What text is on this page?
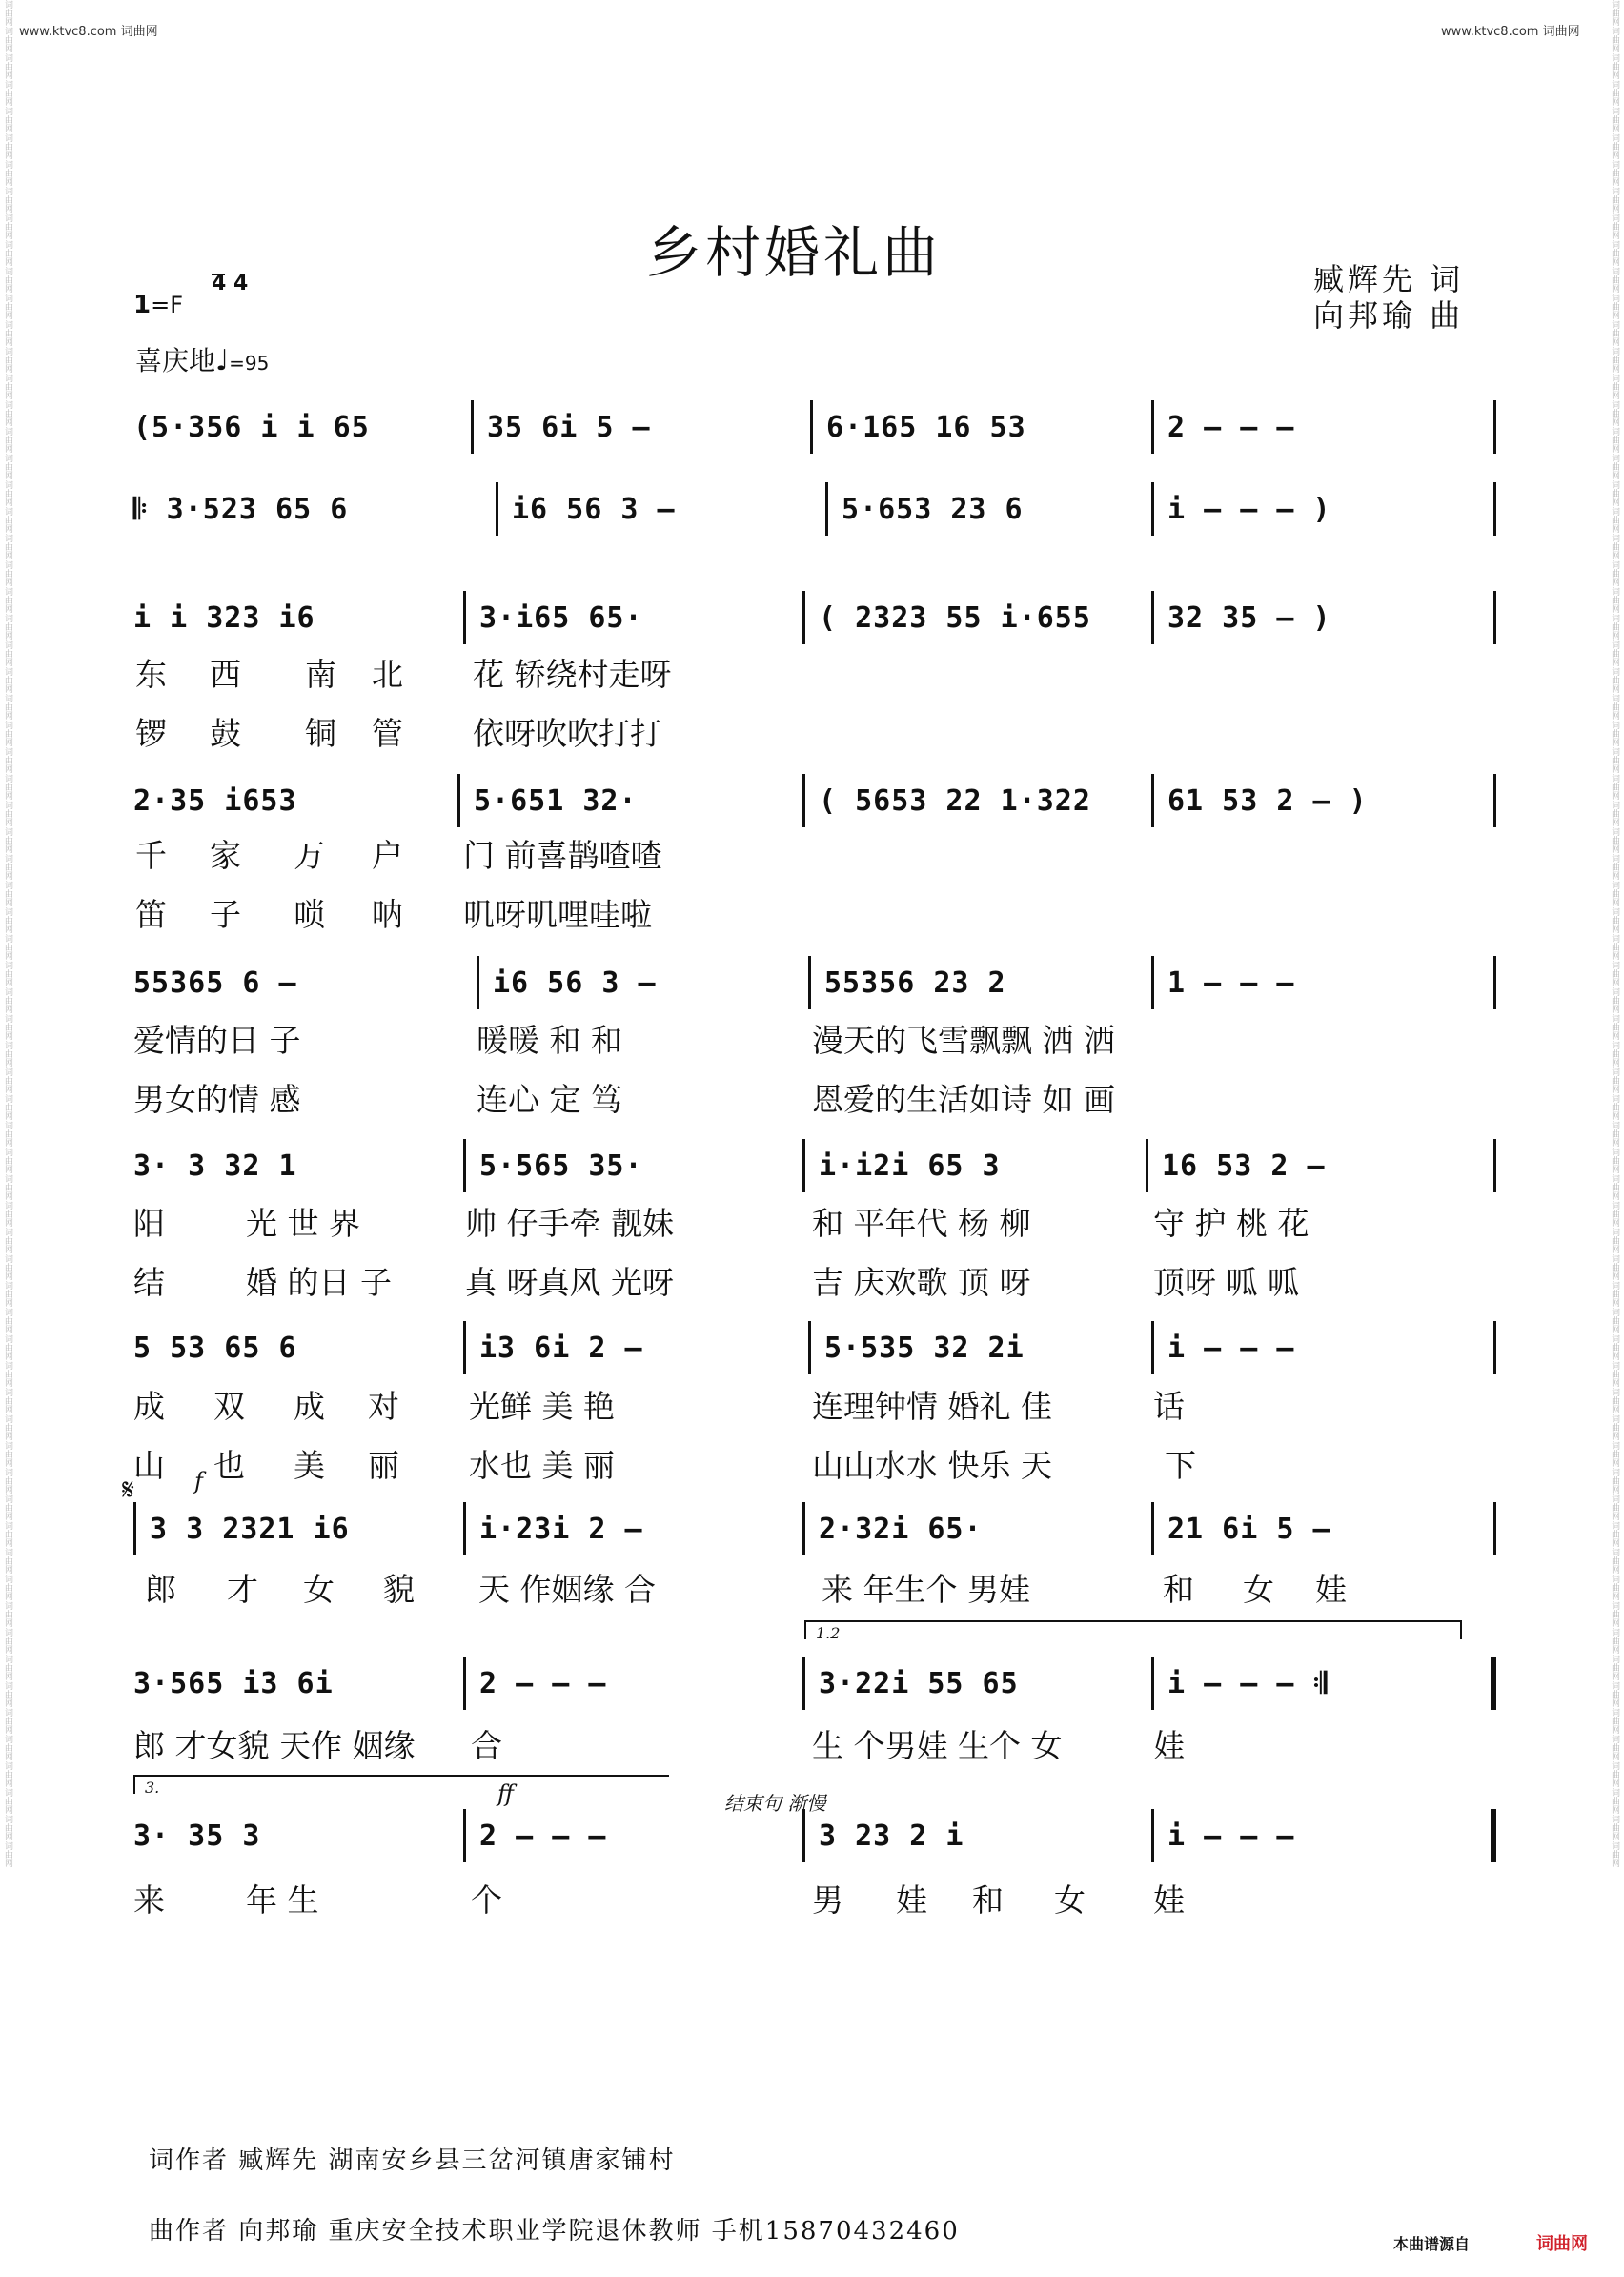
www.ktvc8.com 词曲网	www.ktvc8.com 词曲网
词曲网
词曲网
词曲网
词曲网
词曲网
词曲网
词曲网
词曲网
词曲网
词曲网
词曲网
词曲网
词曲网
词曲网
词曲网
词曲网
词曲网
词曲网
词曲网
词曲网
词曲网
词曲网
词曲网
词曲网
词曲网
词曲网
词曲网
词曲网
词曲网
词曲网
词曲网
词曲网
词曲网
词曲网
词曲网
词曲网
词曲网
词曲网
词曲网
词曲网
词曲网
词曲网
词曲网
词曲网
词曲网
词曲网
词曲网
词曲网
词曲网
词曲网
词曲网
词曲网
词曲网
词曲网
词曲网
词曲网
词曲网
词曲网
词曲网
词曲网
词曲网
词曲网
词曲网
词曲网
词曲网
词曲网
词曲网
词曲网
词曲网
词曲网
词曲网
词曲网
词曲网
词曲网
词曲网
词曲网
词曲网
词曲网
词曲网
词曲网
词曲网
词曲网
词曲网
词曲网
词曲网
词曲网
词曲网
词曲网
词曲网
词曲网
词曲网
词曲网
词曲网
词曲网
词曲网
词曲网
词曲网
词曲网
词曲网
词曲网
词曲网
词曲网
词曲网
词曲网
词曲网
词曲网
词曲网
词曲网
词曲网
词曲网
词曲网
词曲网
词曲网
词曲网
词曲网
词曲网
词曲网
词曲网
词曲网
词曲网
词曲网
词曲网
词曲网
词曲网
词曲网
词曲网
词曲网
词曲网
词曲网
词曲网
词曲网
词曲网
词曲网
词曲网
词曲网
词曲网
词曲网
词曲网
词曲网
词曲网
乡村婚礼曲	臧辉先 词
向邦瑜 曲
1=F
4 4
喜庆地♩=95
(5·356 i i 65	35 6i 5 –	6·165 16 53	2 – – –
𝄆 3·523 65 6	i6 56 3 –	5·653 23 6	i – – – )
i i 323 i6	3·i65 65·	( 2323 55 i·655	32 35 – )
东 西 南 北 花 轿绕村走呀
锣 鼓 铜 管 依呀吹吹打打
2·35 i653	5·651 32·	( 5653 22 1·322	61 53 2 – )
千 家 万 户 门 前喜鹊喳喳
笛 子 唢 呐 叽呀叽哩哇啦
55365 6 –	i6 56 3 –	55356 23 2	1 – – –
爱情的日 子	暖暖 和 和	漫天的飞雪飘飘 洒 洒
男女的情 感	连心 定 笃	恩爱的生活如诗 如 画
3· 3 32 1	5·565 35·	i·i2i 65 3	16 53 2 –
阳	光 世 界	帅 仔手牵 靓妹	和 平年代 杨 柳	守 护 桃 花
结	婚 的日 子 真 呀真风 光呀	吉 庆欢歌 顶 呀	顶呀 呱 呱
5 53 65 6	i3 6i 2 –	5·535 32 2i	i – – –
成 双 成 对 光鲜 美 艳	连理钟情 婚礼 佳	话
山 也 美 丽 水也 美 丽	山山水水 快乐 天	下
𝄋	f
3 3 2321 i6	i·23i 2 –	2·32i 65·	21 6i 5 –
郎 才 女 貌 天 作姻缘 合	来 年生个 男娃	和 女 娃
1.2
3·565 i3 6i	2 – – –	3·22i 55 65	i – – – 𝄇
郎 才女貌 天作 姻缘 合	生 个男娃 生个 女	娃
3.	ff	结束句 渐慢
3· 35 3	2 – – –	3 23 2 i	i – – –
来	年 生	个	男 娃 和 女 娃
词作者 臧辉先 湖南安乡县三岔河镇唐家铺村
曲作者 向邦瑜 重庆安全技术职业学院退休教师 手机15870432460	本曲谱源自	词曲网
